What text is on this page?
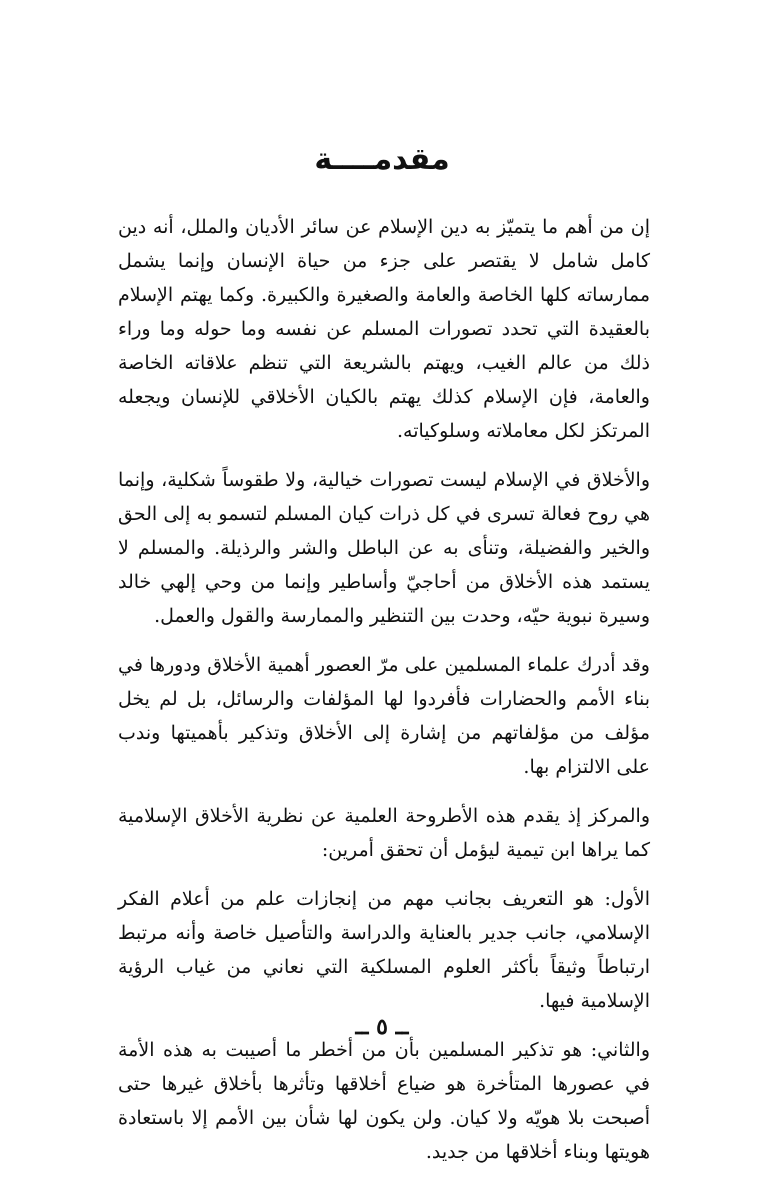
مقدمــــة

إن من أهم ما يتميّز به دين الإسلام عن سائر الأديان والملل، أنه دين كامل شامل لا يقتصر على جزء من حياة الإنسان وإنما يشمل ممارساته كلها الخاصة والعامة والصغيرة والكبيرة. وكما يهتم الإسلام بالعقيدة التي تحدد تصورات المسلم عن نفسه وما حوله وما وراء ذلك من عالم الغيب، ويهتم بالشريعة التي تنظم علاقاته الخاصة والعامة، فإن الإسلام كذلك يهتم بالكيان الأخلاقي للإنسان ويجعله المرتكز لكل معاملاته وسلوكياته.

والأخلاق في الإسلام ليست تصورات خيالية، ولا طقوساً شكلية، وإنما هي روح فعالة تسرى في كل ذرات كيان المسلم لتسمو به إلى الحق والخير والفضيلة، وتنأى به عن الباطل والشر والرذيلة. والمسلم لا يستمد هذه الأخلاق من أحاجيّ وأساطير وإنما من وحي إلهي خالد وسيرة نبوية حيّه، وحدت بين التنظير والممارسة والقول والعمل.

وقد أدرك علماء المسلمين على مرّ العصور أهمية الأخلاق ودورها في بناء الأمم والحضارات فأفردوا لها المؤلفات والرسائل، بل لم يخل مؤلف من مؤلفاتهم من إشارة إلى الأخلاق وتذكير بأهميتها وندب على الالتزام بها.

والمركز إذ يقدم هذه الأطروحة العلمية عن نظرية الأخلاق الإسلامية كما يراها ابن تيمية ليؤمل أن تحقق أمرين:

الأول: هو التعريف بجانب مهم من إنجازات علم من أعلام الفكر الإسلامي، جانب جدير بالعناية والدراسة والتأصيل خاصة وأنه مرتبط ارتباطاً وثيقاً بأكثر العلوم المسلكية التي نعاني من غياب الرؤية الإسلامية فيها.

والثاني: هو تذكير المسلمين بأن من أخطر ما أصيبت به هذه الأمة في عصورها المتأخرة هو ضياع أخلاقها وتأثرها بأخلاق غيرها حتى أصبحت بلا هويّه ولا كيان. ولن يكون لها شأن بين الأمم إلا باستعادة هويتها وبناء أخلاقها من جديد.

ــ ٥ ــ
